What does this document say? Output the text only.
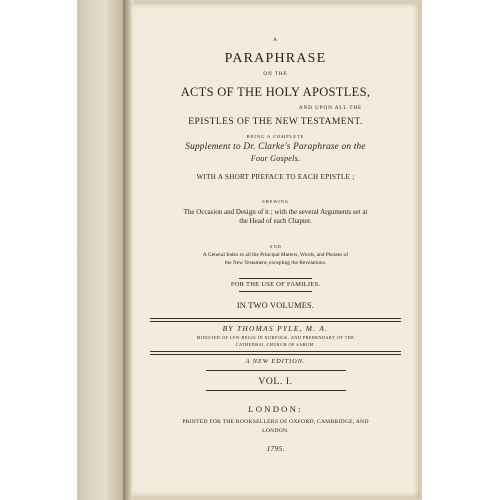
A
PARAPHRASE
ON THE
ACTS OF THE HOLY APOSTLES,
AND UPON ALL THE
EPISTLES OF THE NEW TESTAMENT.
BEING A COMPLETE
Supplement to Dr. Clarke's Paraphrase on the
Four Gospels.
WITH A SHORT PREFACE TO EACH EPISTLE ;
SHEWING
The Occasion and Design of it ; with the several Arguments set at
the Head of each Chapter.
AND
A General Index to all the Principal Matters, Words, and Phrases of
the New Testament, excepting the Revelations.
FOR THE USE OF FAMILIES.
IN TWO VOLUMES.
BY THOMAS PYLE, M. A.
MINISTER OF LYN-REGIS IN NORFOLK, AND PREBENDARY OF THE
CATHEDRAL CHURCH OF SARUM.
A NEW EDITION.
VOL. I.
LONDON:
PRINTED FOR THE BOOKSELLERS OF OXFORD, CAMBRIDGE, AND
LONDON.
1795.
